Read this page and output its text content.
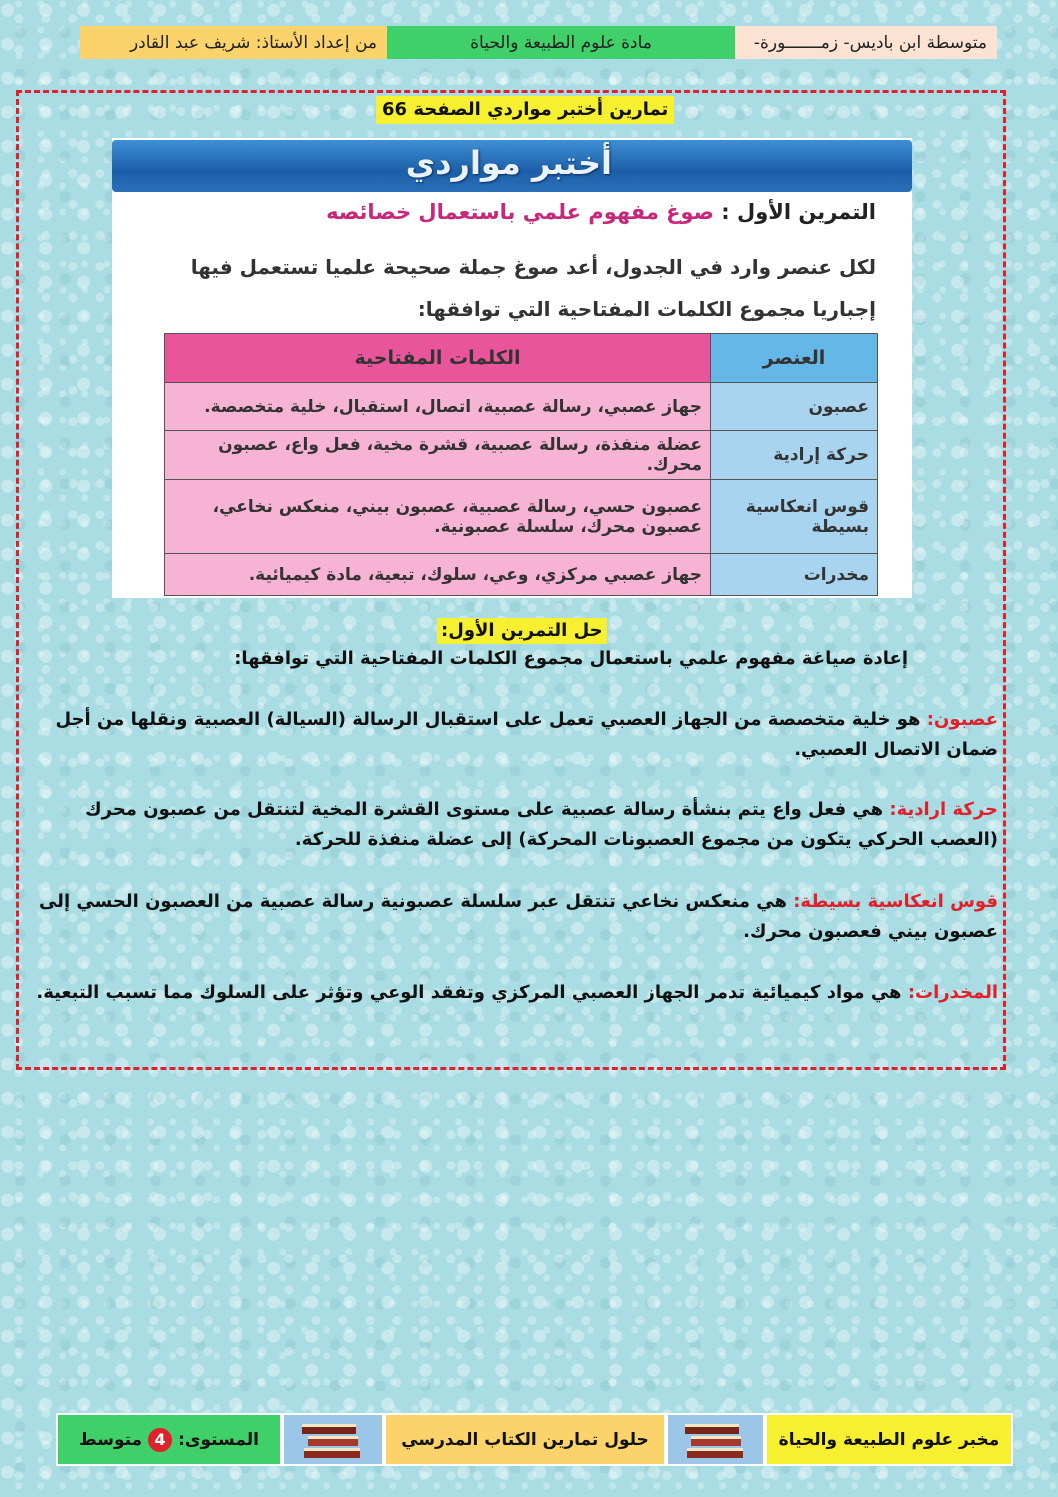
متوسطة ابن باديس- زمـــــــورة-
مادة علوم الطبيعة والحياة
من إعداد الأستاذ: شريف عبد القادر
تمارين أختبر مواردي الصفحة 66
أختبر مواردي
التمرين الأول : صوغ مفهوم علمي باستعمال خصائصه
لكل عنصر وارد في الجدول، أعد صوغ جملة صحيحة علميا تستعمل فيها إجباريا مجموع الكلمات المفتاحية التي توافقها:
العنصر	الكلمات المفتاحية
عصبون	جهاز عصبي، رسالة عصبية، اتصال، استقبال، خلية متخصصة.
حركة إرادية	عضلة منفذة، رسالة عصبية، قشرة مخية، فعل واع، عصبون محرك.
قوس انعكاسية بسيطة	عصبون حسي، رسالة عصبية، عصبون بيني، منعكس نخاعي، عصبون محرك، سلسلة عصبونية.
مخدرات	جهاز عصبي مركزي، وعي، سلوك، تبعية، مادة كيميائية.
حل التمرين الأول:
إعادة صياغة مفهوم علمي باستعمال مجموع الكلمات المفتاحية التي توافقها:
عصبون: هو خلية متخصصة من الجهاز العصبي تعمل على استقبال الرسالة (السيالة) العصبية ونقلها من أجل ضمان الاتصال العصبي.
حركة ارادية: هي فعل واع يتم بنشأة رسالة عصبية على مستوى القشرة المخية لتنتقل من عصبون محرك (العصب الحركي يتكون من مجموع العصبونات المحركة) إلى عضلة منفذة للحركة.
قوس انعكاسية بسيطة: هي منعكس نخاعي تنتقل عبر سلسلة عصبونية رسالة عصبية من العصبون الحسي إلى عصبون بيني فعصبون محرك.
المخدرات: هي مواد كيميائية تدمر الجهاز العصبي المركزي وتفقد الوعي وتؤثر على السلوك مما تسبب التبعية.
مخبر علوم الطبيعة والحياة
حلول تمارين الكتاب المدرسي
المستوى:
4
متوسط
